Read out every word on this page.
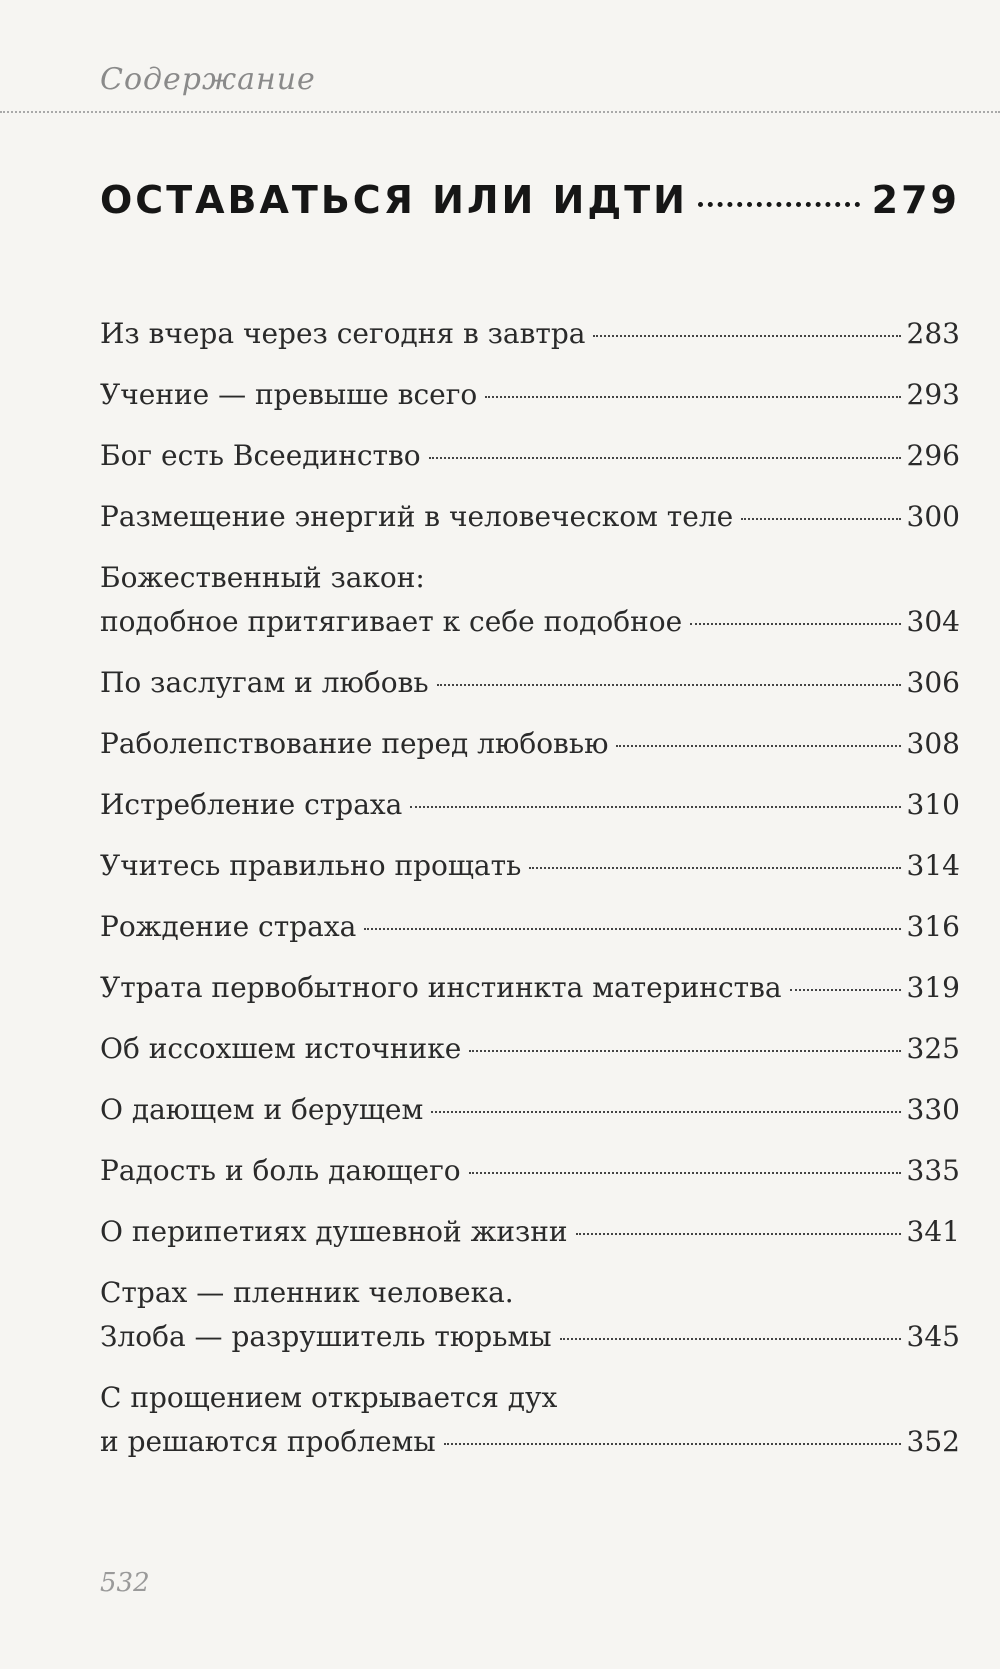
Содержание
ОСТАВАТЬСЯ ИЛИ ИДТИ	279
Из вчера через сегодня в завтра	283
Учение — превыше всего	293
Бог есть Всеединство	296
Размещение энергий в человеческом теле	300
Божественный закон:
подобное притягивает к себе подобное	304
По заслугам и любовь	306
Раболепствование перед любовью	308
Истребление страха	310
Учитесь правильно прощать	314
Рождение страха	316
Утрата первобытного инстинкта материнства	319
Об иссохшем источнике	325
О дающем и берущем	330
Радость и боль дающего	335
О перипетиях душевной жизни	341
Страх — пленник человека.
Злоба — разрушитель тюрьмы	345
С прощением открывается дух
и решаются проблемы	352
532
